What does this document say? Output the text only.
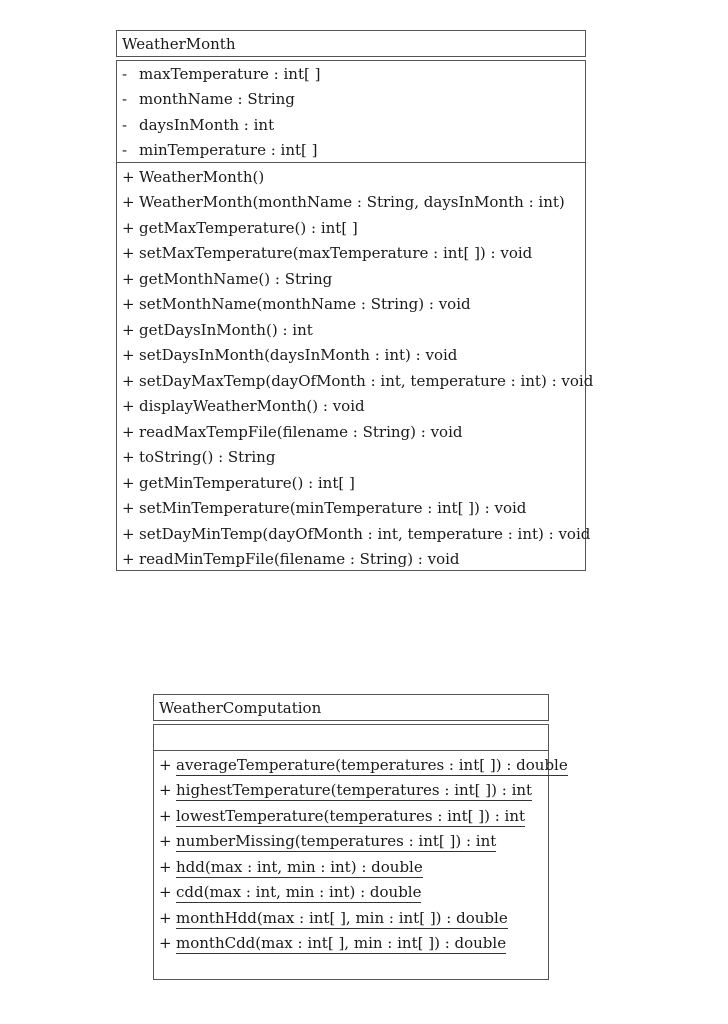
WeatherMonth
- maxTemperature : int[ ]
- monthName : String
- daysInMonth : int
- minTemperature : int[ ]
+ WeatherMonth()
+ WeatherMonth(monthName : String, daysInMonth : int)
+ getMaxTemperature() : int[ ]
+ setMaxTemperature(maxTemperature : int[ ]) : void
+ getMonthName() : String
+ setMonthName(monthName : String) : void
+ getDaysInMonth() : int
+ setDaysInMonth(daysInMonth : int) : void
+ setDayMaxTemp(dayOfMonth : int, temperature : int) : void
+ displayWeatherMonth() : void
+ readMaxTempFile(filename : String) : void
+ toString() : String
+ getMinTemperature() : int[ ]
+ setMinTemperature(minTemperature : int[ ]) : void
+ setDayMinTemp(dayOfMonth : int, temperature : int) : void
+ readMinTempFile(filename : String) : void
WeatherComputation
+ averageTemperature(temperatures : int[ ]) : double
+ highestTemperature(temperatures : int[ ]) : int
+ lowestTemperature(temperatures : int[ ]) : int
+ numberMissing(temperatures : int[ ]) : int
+ hdd(max : int, min : int) : double
+ cdd(max : int, min : int) : double
+ monthHdd(max : int[ ], min : int[ ]) : double
+ monthCdd(max : int[ ], min : int[ ]) : double
